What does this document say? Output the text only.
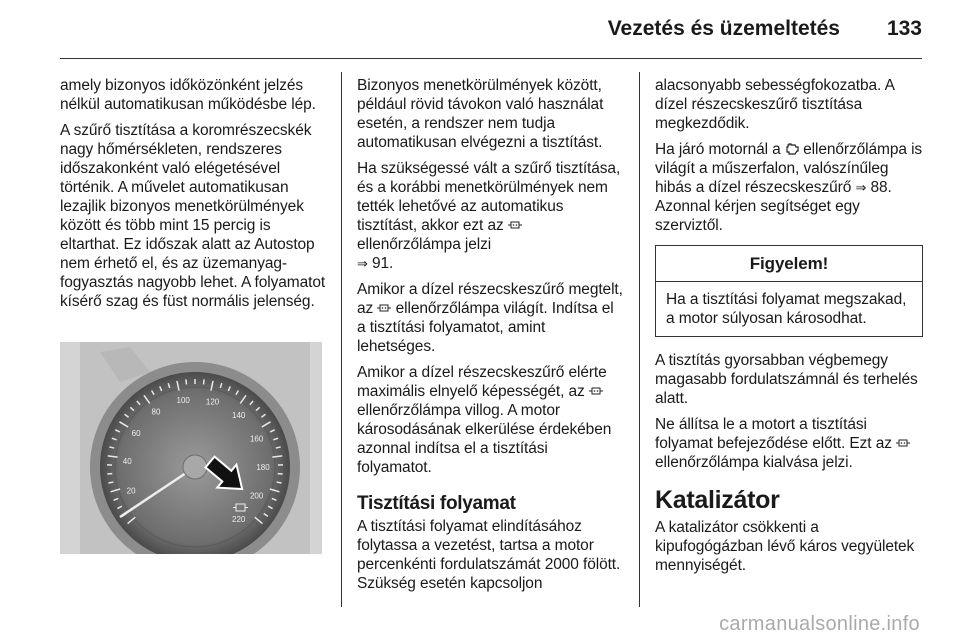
Vezetés és üzemeltetés 133

amely bizonyos időközönként jelzés nélkül automatikusan működésbe lép.

A szűrő tisztítása a koromrészecskék nagy hőmérsékleten, rendszeres időszakonként való elégetésével történik. A művelet automatikusan lezajlik bizonyos menetkörülmények között és több mint 15 percig is eltarthat. Ez időszak alatt az Autostop nem érhető el, és az üzemanyag-fogyasztás nagyobb lehet. A folyamatot kísérő szag és füst normális jelenség.

20
40
60
80
100 120
140
160
180
200
220

Bizonyos menetkörülmények között, például rövid távokon való használat esetén, a rendszer nem tudja automatikusan elvégezni a tisztítást.

Ha szükségessé vált a szűrő tisztítása, és a korábbi menetkörülmények nem tették lehetővé az automatikus tisztítást, akkor ezt az  ellenőrzőlámpa jelzi
⇒ 91.

Amikor a dízel részecskeszűrő megtelt, az ellenőrzőlámpa világít. Indítsa el a tisztítási folyamatot, amint lehetséges.

Amikor a dízel részecskeszűrő elérte maximális elnyelő képességét, az  ellenőrzőlámpa villog. A motor károsodásának elkerülése érdekében azonnal indítsa el a tisztítási folyamatot.

Tisztítási folyamat

A tisztítási folyamat elindításához folytassa a vezetést, tartsa a motor percenkénti fordulatszámát 2000 fölött. Szükség esetén kapcsoljon

alacsonyabb sebességfokozatba. A dízel részecskeszűrő tisztítása megkezdődik.

Ha járó motornál a ellenőrzőlámpa is világít a műszerfalon, valószínűleg hibás a dízel részecskeszűrő ⇒ 88. Azonnal kérjen segítséget egy szerviztől.

Figyelem!
Ha a tisztítási folyamat megszakad, a motor súlyosan károsodhat.

A tisztítás gyorsabban végbemegy magasabb fordulatszámnál és terhelés alatt.

Ne állítsa le a motort a tisztítási folyamat befejeződése előtt. Ezt az  ellenőrzőlámpa kialvása jelzi.

Katalizátor

A katalizátor csökkenti a kipufogógázban lévő káros vegyületek mennyiségét.

carmanualsonline.info
